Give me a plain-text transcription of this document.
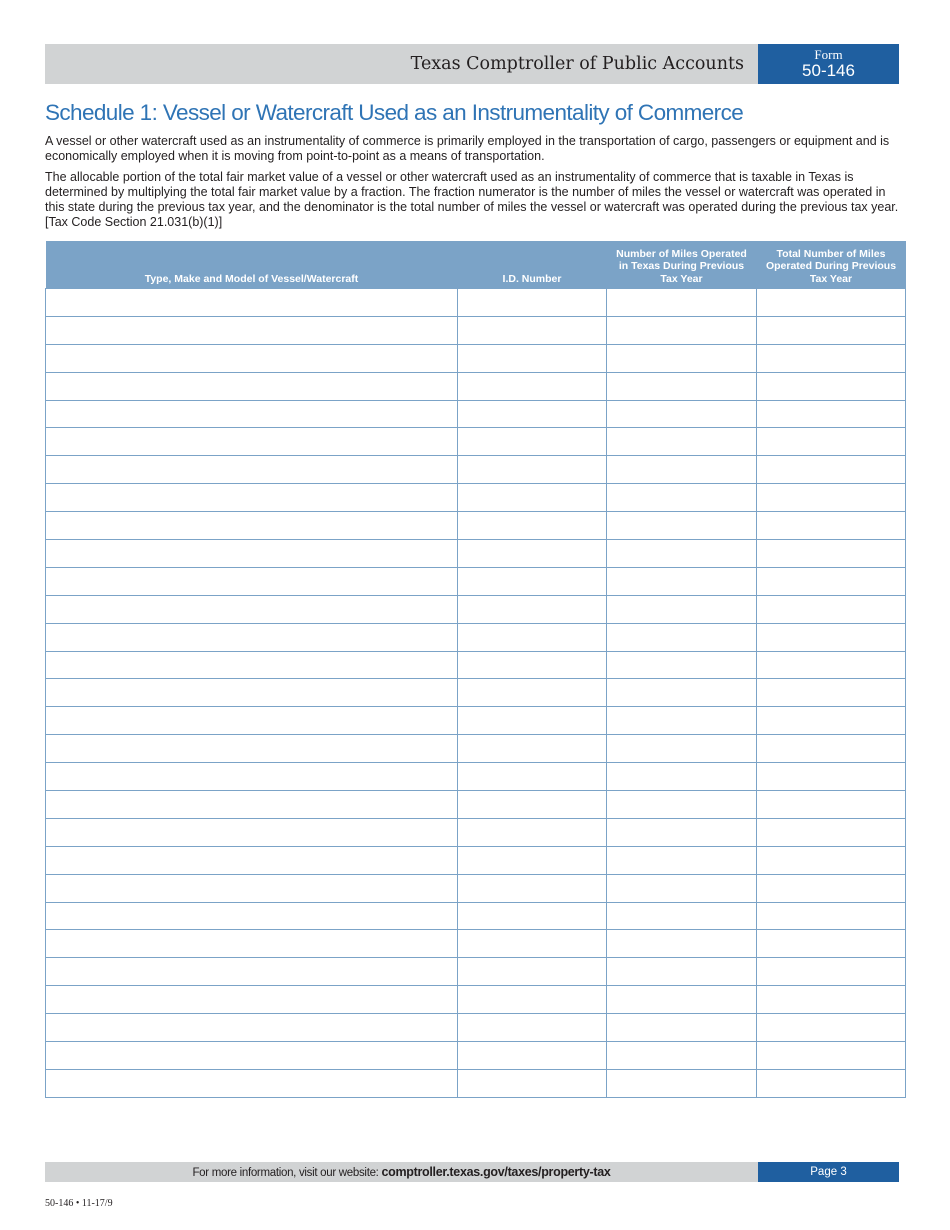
Texas Comptroller of Public Accounts	Form
50-146
Schedule 1: Vessel or Watercraft Used as an Instrumentality of Commerce

A vessel or other watercraft used as an instrumentality of commerce is primarily employed in the transportation of cargo, passengers or equipment and is economically employed when it is moving from point-to-point as a means of transportation.

The allocable portion of the total fair market value of a vessel or other watercraft used as an instrumentality of commerce that is taxable in Texas is determined by multiplying the total fair market value by a fraction. The fraction numerator is the number of miles the vessel or watercraft was operated in this state during the previous tax year, and the denominator is the total number of miles the vessel or watercraft was operated during the previous tax year. [Tax Code Section 21.031(b)(1)]

Type, Make and Model of Vessel/Watercraft	I.D. Number	Number of Miles Operated in Texas During Previous Tax Year	Total Number of Miles Operated During Previous Tax Year

For more information, visit our website: comptroller.texas.gov/taxes/property-tax	Page 3
50-146 • 11-17/9
